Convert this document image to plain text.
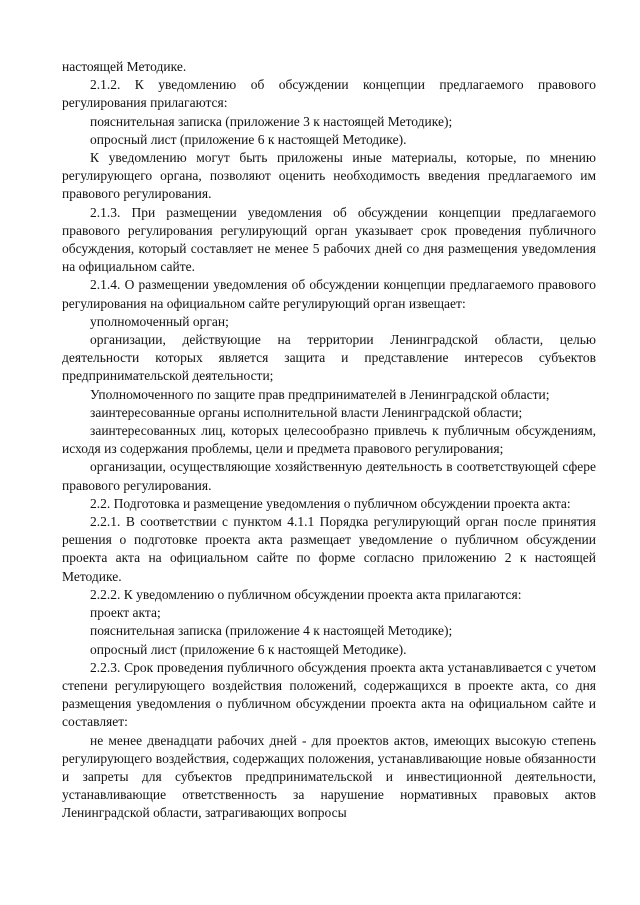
настоящей Методике.

2.1.2. К уведомлению об обсуждении концепции предлагаемого правового регулирования прилагаются:

пояснительная записка (приложение 3 к настоящей Методике);

опросный лист (приложение 6 к настоящей Методике).

К уведомлению могут быть приложены иные материалы, которые, по мнению регулирующего органа, позволяют оценить необходимость введения предлагаемого им правового регулирования.

2.1.3. При размещении уведомления об обсуждении концепции предлагаемого правового регулирования регулирующий орган указывает срок проведения публичного обсуждения, который составляет не менее 5 рабочих дней со дня размещения уведомления на официальном сайте.

2.1.4. О размещении уведомления об обсуждении концепции предлагаемого правового регулирования на официальном сайте регулирующий орган извещает:

уполномоченный орган;

организации, действующие на территории Ленинградской области, целью деятельности которых является защита и представление интересов субъектов предпринимательской деятельности;

Уполномоченного по защите прав предпринимателей в Ленинградской области;

заинтересованные органы исполнительной власти Ленинградской области;

заинтересованных лиц, которых целесообразно привлечь к публичным обсуждениям, исходя из содержания проблемы, цели и предмета правового регулирования;

организации, осуществляющие хозяйственную деятельность в соответствующей сфере правового регулирования.

2.2. Подготовка и размещение уведомления о публичном обсуждении проекта акта:

2.2.1. В соответствии с пунктом 4.1.1 Порядка регулирующий орган после принятия решения о подготовке проекта акта размещает уведомление о публичном обсуждении проекта акта на официальном сайте по форме согласно приложению 2 к настоящей Методике.

2.2.2. К уведомлению о публичном обсуждении проекта акта прилагаются:

проект акта;

пояснительная записка (приложение 4 к настоящей Методике);

опросный лист (приложение 6 к настоящей Методике).

2.2.3. Срок проведения публичного обсуждения проекта акта устанавливается с учетом степени регулирующего воздействия положений, содержащихся в проекте акта, со дня размещения уведомления о публичном обсуждении проекта акта на официальном сайте и составляет:

не менее двенадцати рабочих дней - для проектов актов, имеющих высокую степень регулирующего воздействия, содержащих положения, устанавливающие новые обязанности и запреты для субъектов предпринимательской и инвестиционной деятельности, устанавливающие ответственность за нарушение нормативных правовых актов Ленинградской области, затрагивающих вопросы
